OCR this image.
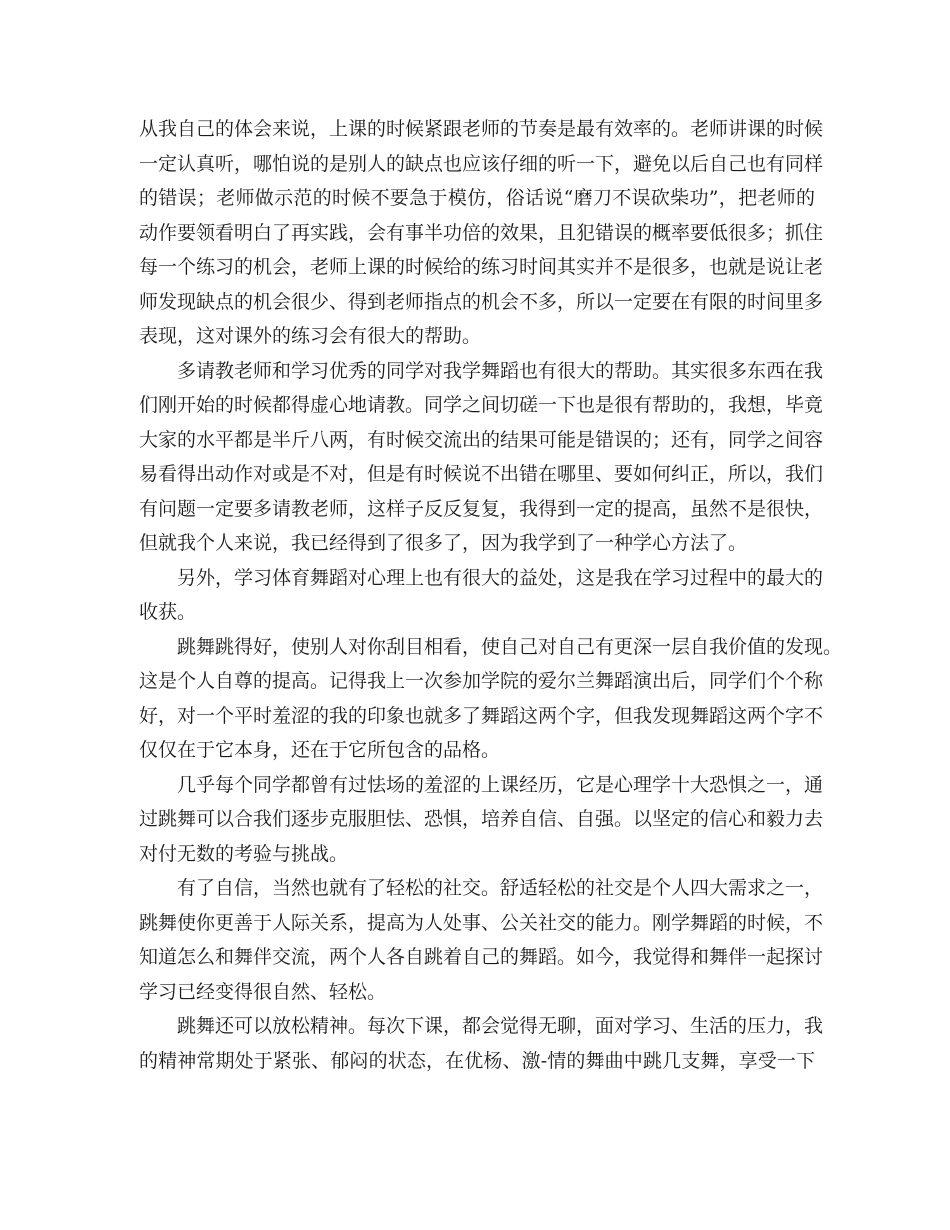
从我自己的体会来说，上课的时候紧跟老师的节奏是最有效率的。老师讲课的时候
一定认真听，哪怕说的是别人的缺点也应该仔细的听一下，避免以后自己也有同样
的错误；老师做示范的时候不要急于模仿，俗话说“磨刀不误砍柴功”，把老师的
动作要领看明白了再实践，会有事半功倍的效果，且犯错误的概率要低很多；抓住
每一个练习的机会，老师上课的时候给的练习时间其实并不是很多，也就是说让老
师发现缺点的机会很少、得到老师指点的机会不多，所以一定要在有限的时间里多
表现，这对课外的练习会有很大的帮助。
多请教老师和学习优秀的同学对我学舞蹈也有很大的帮助。其实很多东西在我
们刚开始的时候都得虚心地请教。同学之间切磋一下也是很有帮助的，我想，毕竟
大家的水平都是半斤八两，有时候交流出的结果可能是错误的；还有，同学之间容
易看得出动作对或是不对，但是有时候说不出错在哪里、要如何纠正，所以，我们
有问题一定要多请教老师，这样子反反复复，我得到一定的提高，虽然不是很快，
但就我个人来说，我已经得到了很多了，因为我学到了一种学心方法了。
另外，学习体育舞蹈对心理上也有很大的益处，这是我在学习过程中的最大的
收获。
跳舞跳得好，使别人对你刮目相看，使自己对自己有更深一层自我价值的发现。
这是个人自尊的提高。记得我上一次参加学院的爱尔兰舞蹈演出后，同学们个个称
好，对一个平时羞涩的我的印象也就多了舞蹈这两个字，但我发现舞蹈这两个字不
仅仅在于它本身，还在于它所包含的品格。
几乎每个同学都曾有过怯场的羞涩的上课经历，它是心理学十大恐惧之一，通
过跳舞可以合我们逐步克服胆怯、恐惧，培养自信、自强。以坚定的信心和毅力去
对付无数的考验与挑战。
有了自信，当然也就有了轻松的社交。舒适轻松的社交是个人四大需求之一，
跳舞使你更善于人际关系，提高为人处事、公关社交的能力。刚学舞蹈的时候，不
知道怎么和舞伴交流，两个人各自跳着自己的舞蹈。如今，我觉得和舞伴一起探讨
学习已经变得很自然、轻松。
跳舞还可以放松精神。每次下课，都会觉得无聊，面对学习、生活的压力，我
的精神常期处于紧张、郁闷的状态，在优杨、激-情的舞曲中跳几支舞，享受一下
